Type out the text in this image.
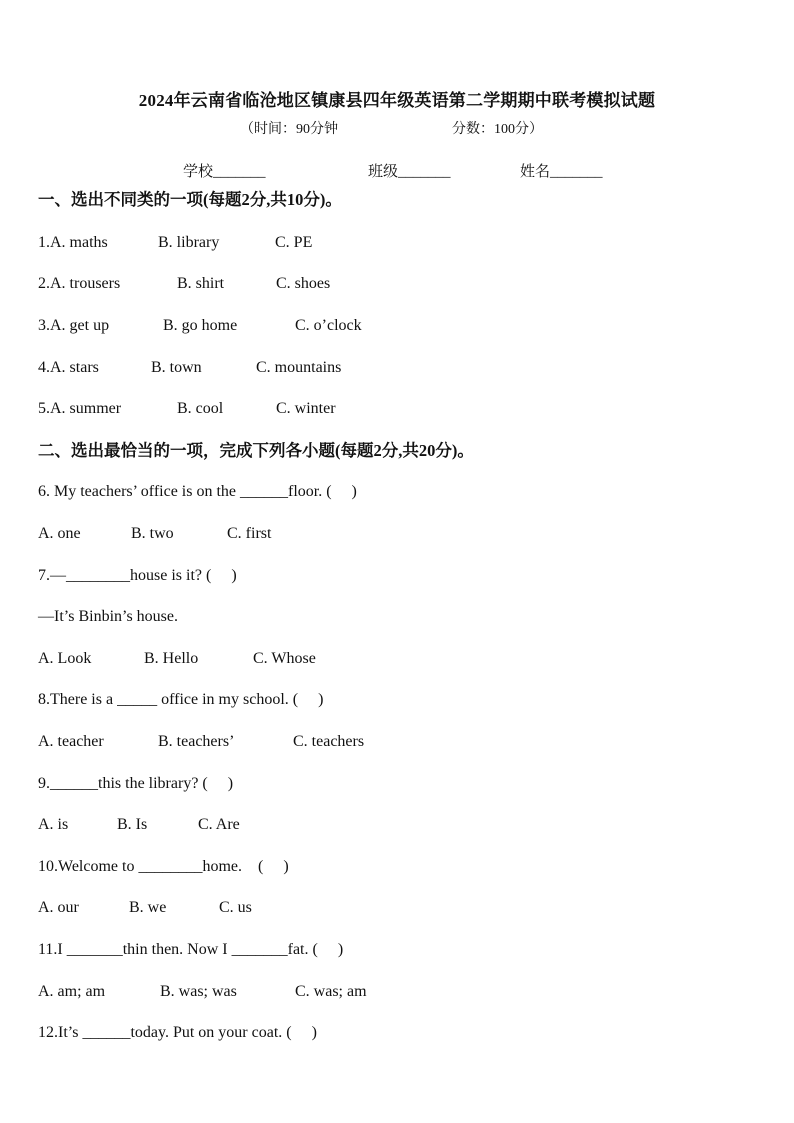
2024年云南省临沧地区镇康县四年级英语第二学期期中联考模拟试题
（时间：90分钟	分数：100分）
学校_______	班级_______	姓名_______
一、选出不同类的一项(每题2分,共10分)。
1.A. maths	B. library	C. PE
2.A. trousers	B. shirt	C. shoes
3.A. get up	B. go home	C. o’clock
4.A. stars	B. town	C. mountains
5.A. summer	B. cool	C. winter
二、选出最恰当的一项，完成下列各小题(每题2分,共20分)。
6. My teachers’ office is on the ______floor. (　 )
A. one	B. two	C. first
7.—________house is it? (　 )
—It’s Binbin’s house.
A. Look	B. Hello	C. Whose
8.There is a _____ office in my school. (　 )
A. teacher	B. teachers’	C. teachers
9.______this the library? (　 )
A. is	B. Is	C. Are
10.Welcome to ________home.　(　 )
A. our	B. we	C. us
11.I _______thin then. Now I _______fat. (　 )
A. am; am	B. was; was	C. was; am
12.It’s ______today. Put on your coat. (　 )
